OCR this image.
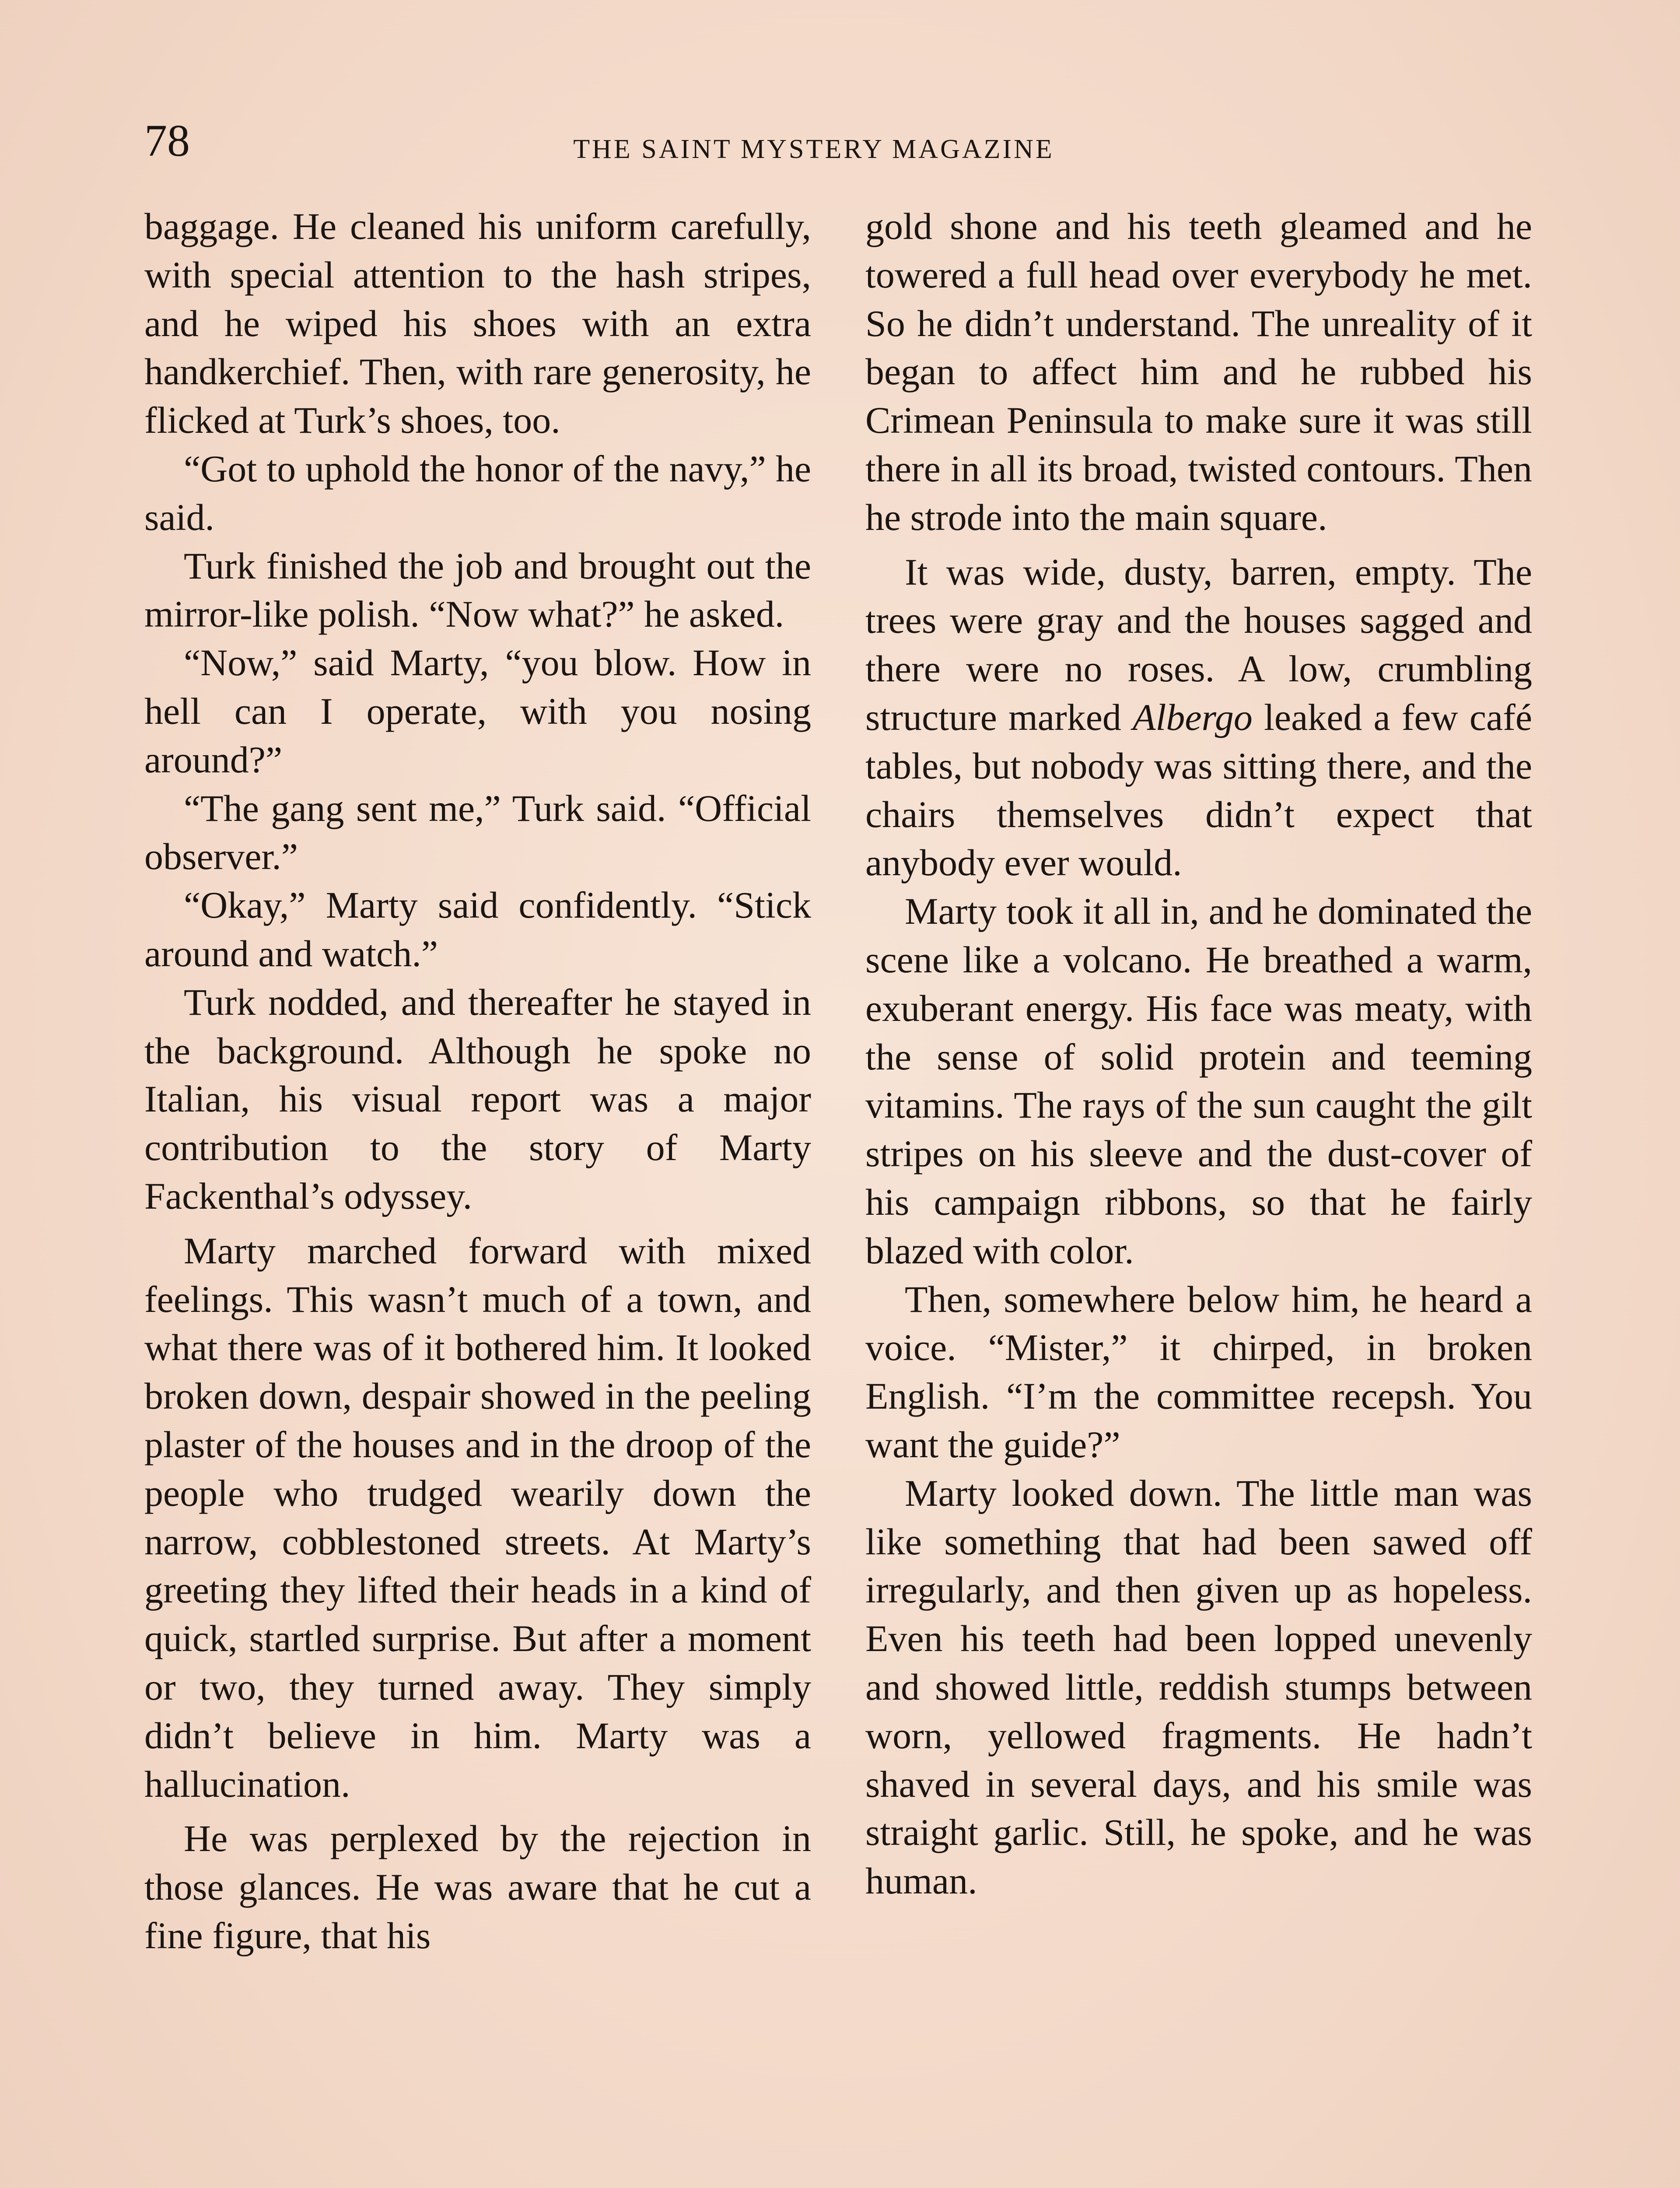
78	THE SAINT MYSTERY MAGAZINE

baggage. He cleaned his uniform carefully, with special attention to the hash stripes, and he wiped his shoes with an extra handkerchief. Then, with rare generosity, he flicked at Turk’s shoes, too.

“Got to uphold the honor of the navy,” he said.

Turk finished the job and brought out the mirror-like polish. “Now what?” he asked.

“Now,” said Marty, “you blow. How in hell can I operate, with you nosing around?”

“The gang sent me,” Turk said. “Official observer.”

“Okay,” Marty said confidently. “Stick around and watch.”

Turk nodded, and thereafter he stayed in the background. Although he spoke no Italian, his visual report was a major contribution to the story of Marty Fackenthal’s odyssey.

Marty marched forward with mixed feelings. This wasn’t much of a town, and what there was of it bothered him. It looked broken down, despair showed in the peeling plaster of the houses and in the droop of the people who trudged wearily down the narrow, cobblestoned streets. At Marty’s greeting they lifted their heads in a kind of quick, startled surprise. But after a moment or two, they turned away. They simply didn’t believe in him. Marty was a hallucination.

He was perplexed by the rejection in those glances. He was aware that he cut a fine figure, that his

gold shone and his teeth gleamed and he towered a full head over everybody he met. So he didn’t understand. The unreality of it began to affect him and he rubbed his Crimean Peninsula to make sure it was still there in all its broad, twisted contours. Then he strode into the main square.

It was wide, dusty, barren, empty. The trees were gray and the houses sagged and there were no roses. A low, crumbling structure marked Albergo leaked a few café tables, but nobody was sitting there, and the chairs themselves didn’t expect that anybody ever would.

Marty took it all in, and he dominated the scene like a volcano. He breathed a warm, exuberant energy. His face was meaty, with the sense of solid protein and teeming vitamins. The rays of the sun caught the gilt stripes on his sleeve and the dust-cover of his campaign ribbons, so that he fairly blazed with color.

Then, somewhere below him, he heard a voice. “Mister,” it chirped, in broken English. “I’m the committee recepsh. You want the guide?”

Marty looked down. The little man was like something that had been sawed off irregularly, and then given up as hopeless. Even his teeth had been lopped unevenly and showed little, reddish stumps between worn, yellowed fragments. He hadn’t shaved in several days, and his smile was straight garlic. Still, he spoke, and he was human.
